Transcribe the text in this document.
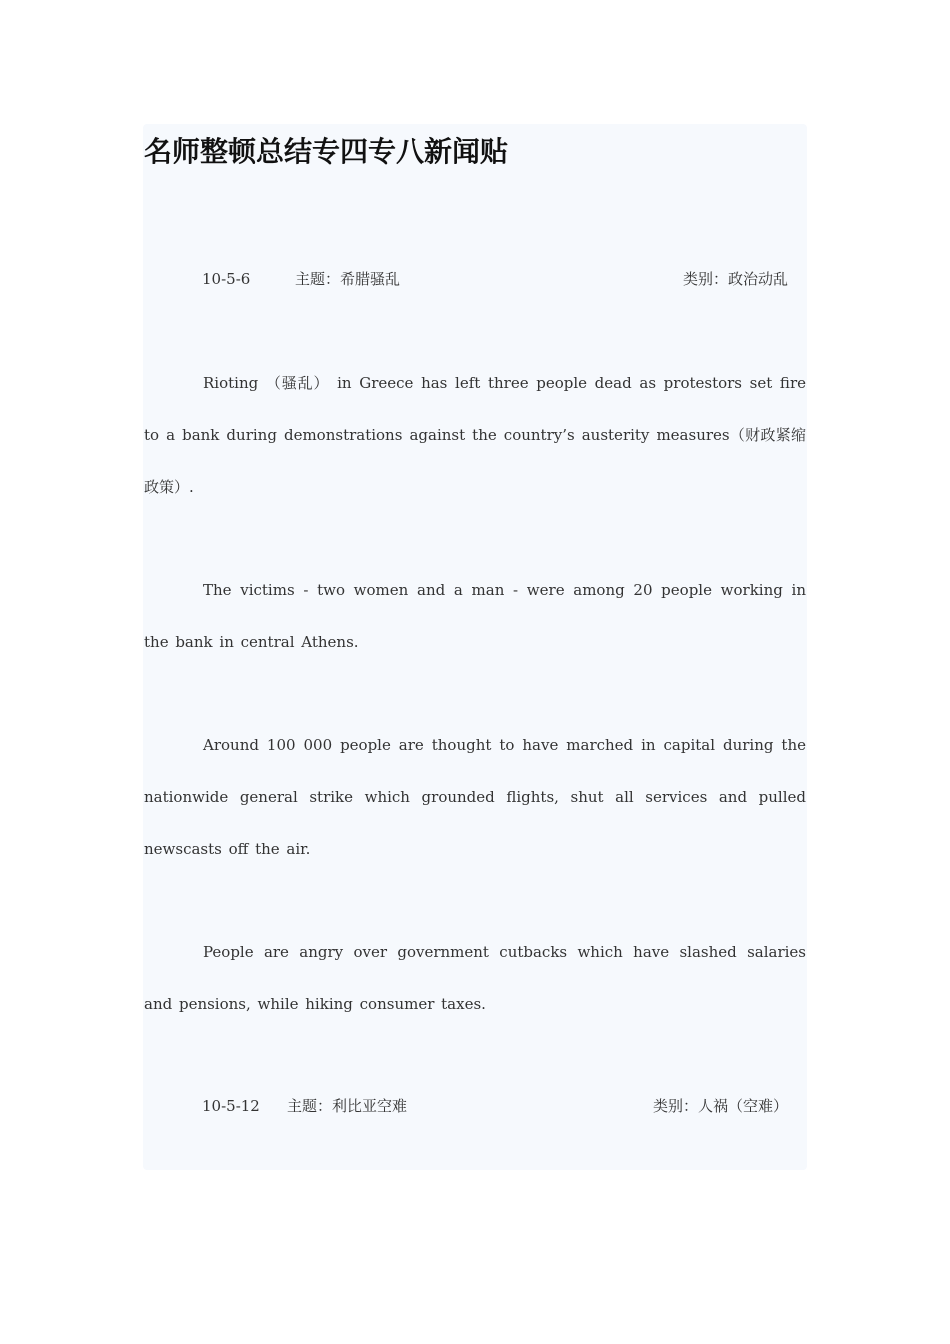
名师整顿总结专四专八新闻贴
10-5-6	主题：希腊骚乱	类别：政治动乱

Rioting （骚乱） in Greece has left three people dead as protestors set fire to a bank during demonstrations against the country’s austerity measures（财政紧缩政策）.

The victims - two women and a man - were among 20 people working in the bank in central Athens.

Around 100 000 people are thought to have marched in capital during the nationwide general strike which grounded flights, shut all services and pulled newscasts off the air.

People are angry over government cutbacks which have slashed salaries and pensions, while hiking consumer taxes.

10-5-12 主题：利比亚空难	类别：人祸（空难）
